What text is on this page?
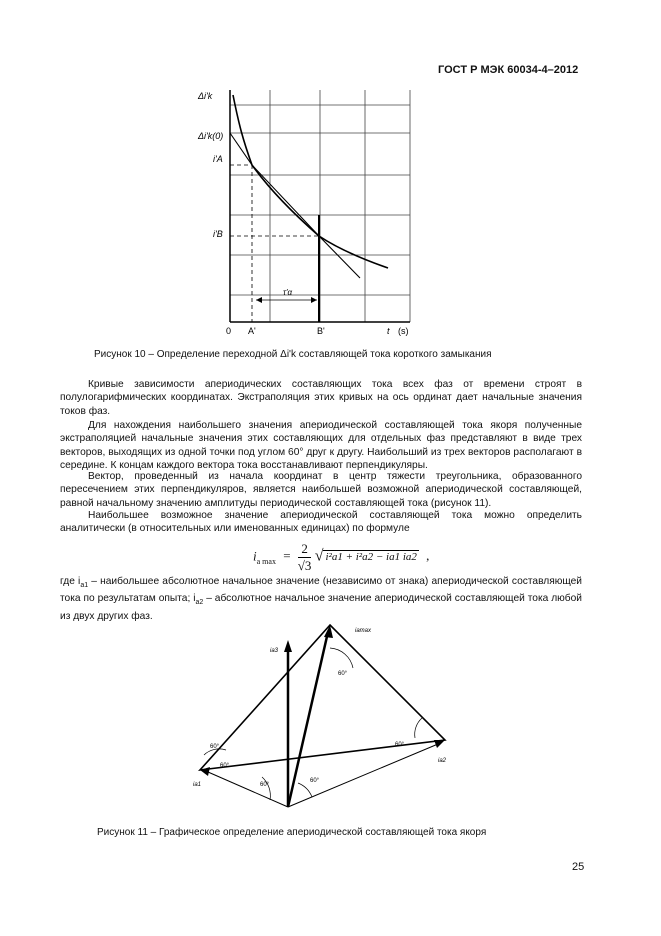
ГОСТ Р МЭК 60034-4–2012
Δi'k
Δi'k(0)
i'A
i'B
0 A'	B'	t (s)
τ'α
Рисунок 10 – Определение переходной Δi'k составляющей тока короткого замыкания
Кривые зависимости апериодических составляющих тока всех фаз от времени строят в полулогарифмических координатах. Экстраполяция этих кривых на ось ординат дает начальные значения токов фаз.
Для нахождения наибольшего значения апериодической составляющей тока якоря полученные экстраполяцией начальные значения этих составляющих для отдельных фаз представляют в виде трех векторов, выходящих из одной точки под углом 60° друг к другу. Наибольший из трех векторов располагают в середине. К концам каждого вектора тока восстанавливают перпендикуляры.
Вектор, проведенный из начала координат в центр тяжести треугольника, образованного пересечением этих перпендикуляров, является наибольшей возможной апериодической составляющей, равной начальному значению амплитуды периодической составляющей тока (рисунок 11).
Наибольшее возможное значение апериодической составляющей тока можно определить аналитически (в относительных или именованных единицах) по формуле
$i_{a max} = \frac{2}{√3}$ √ i²a1 + i²a2 − ia1 ia2 ,
где $i_{a1}$ – наибольшее абсолютное начальное значение (независимо от знака) апериодической составляющей тока по результатам опыта; $i_{a2}$ – абсолютное начальное значение апериодической составляющей тока любой из двух других фаз.
iamax
ia3
ia1
ia2
60°
60°
60°
60°
60°
60°
Рисунок 11 – Графическое определение апериодической составляющей тока якоря
25
